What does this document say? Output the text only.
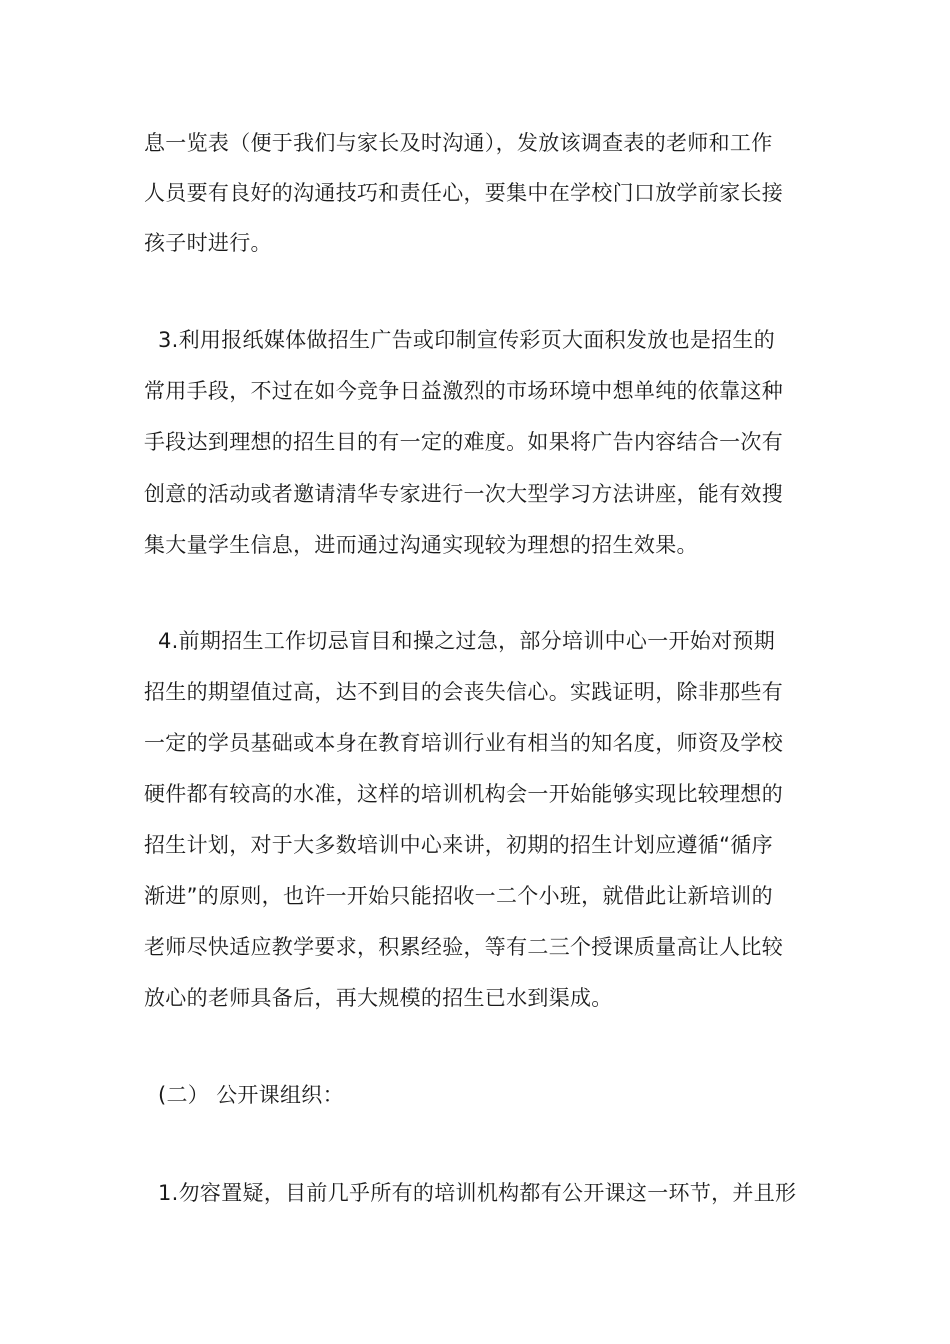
息一览表（便于我们与家长及时沟通），发放该调查表的老师和工作
人员要有良好的沟通技巧和责任心，要集中在学校门口放学前家长接
孩子时进行。
3.利用报纸媒体做招生广告或印制宣传彩页大面积发放也是招生的
常用手段，不过在如今竞争日益激烈的市场环境中想单纯的依靠这种
手段达到理想的招生目的有一定的难度。如果将广告内容结合一次有
创意的活动或者邀请清华专家进行一次大型学习方法讲座，能有效搜
集大量学生信息，进而通过沟通实现较为理想的招生效果。
4.前期招生工作切忌盲目和操之过急，部分培训中心一开始对预期
招生的期望值过高，达不到目的会丧失信心。实践证明，除非那些有
一定的学员基础或本身在教育培训行业有相当的知名度，师资及学校
硬件都有较高的水准，这样的培训机构会一开始能够实现比较理想的
招生计划，对于大多数培训中心来讲，初期的招生计划应遵循“循序
渐进”的原则，也许一开始只能招收一二个小班，就借此让新培训的
老师尽快适应教学要求，积累经验，等有二三个授课质量高让人比较
放心的老师具备后，再大规模的招生已水到渠成。
(二） 公开课组织：
1.勿容置疑，目前几乎所有的培训机构都有公开课这一环节，并且形
